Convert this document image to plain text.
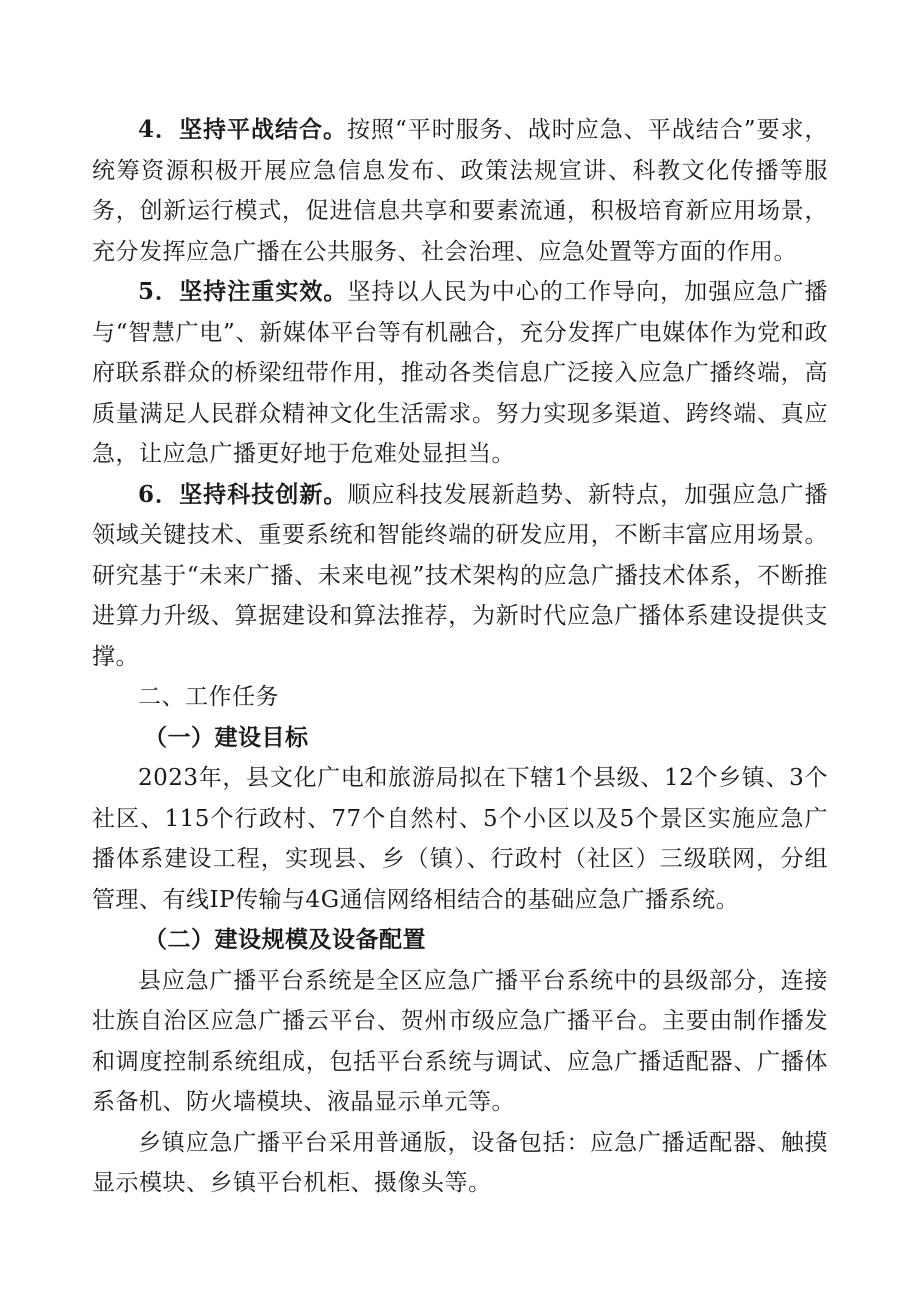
4．坚持平战结合。按照“平时服务、战时应急、平战结合”要求，统筹资源积极开展应急信息发布、政策法规宣讲、科教文化传播等服务，创新运行模式，促进信息共享和要素流通，积极培育新应用场景，充分发挥应急广播在公共服务、社会治理、应急处置等方面的作用。

5．坚持注重实效。坚持以人民为中心的工作导向，加强应急广播与“智慧广电”、新媒体平台等有机融合，充分发挥广电媒体作为党和政府联系群众的桥梁纽带作用，推动各类信息广泛接入应急广播终端，高质量满足人民群众精神文化生活需求。努力实现多渠道、跨终端、真应急，让应急广播更好地于危难处显担当。

6．坚持科技创新。顺应科技发展新趋势、新特点，加强应急广播领域关键技术、重要系统和智能终端的研发应用，不断丰富应用场景。研究基于“未来广播、未来电视”技术架构的应急广播技术体系，不断推进算力升级、算据建设和算法推荐，为新时代应急广播体系建设提供支撑。

二、工作任务

（一）建设目标

2023年，县文化广电和旅游局拟在下辖1个县级、12个乡镇、3个社区、115个行政村、77个自然村、5个小区以及5个景区实施应急广播体系建设工程，实现县、乡（镇）、行政村（社区）三级联网，分组管理、有线IP传输与4G通信网络相结合的基础应急广播系统。

（二）建设规模及设备配置

县应急广播平台系统是全区应急广播平台系统中的县级部分，连接壮族自治区应急广播云平台、贺州市级应急广播平台。主要由制作播发和调度控制系统组成，包括平台系统与调试、应急广播适配器、广播体系备机、防火墙模块、液晶显示单元等。

乡镇应急广播平台采用普通版，设备包括：应急广播适配器、触摸显示模块、乡镇平台机柜、摄像头等。
